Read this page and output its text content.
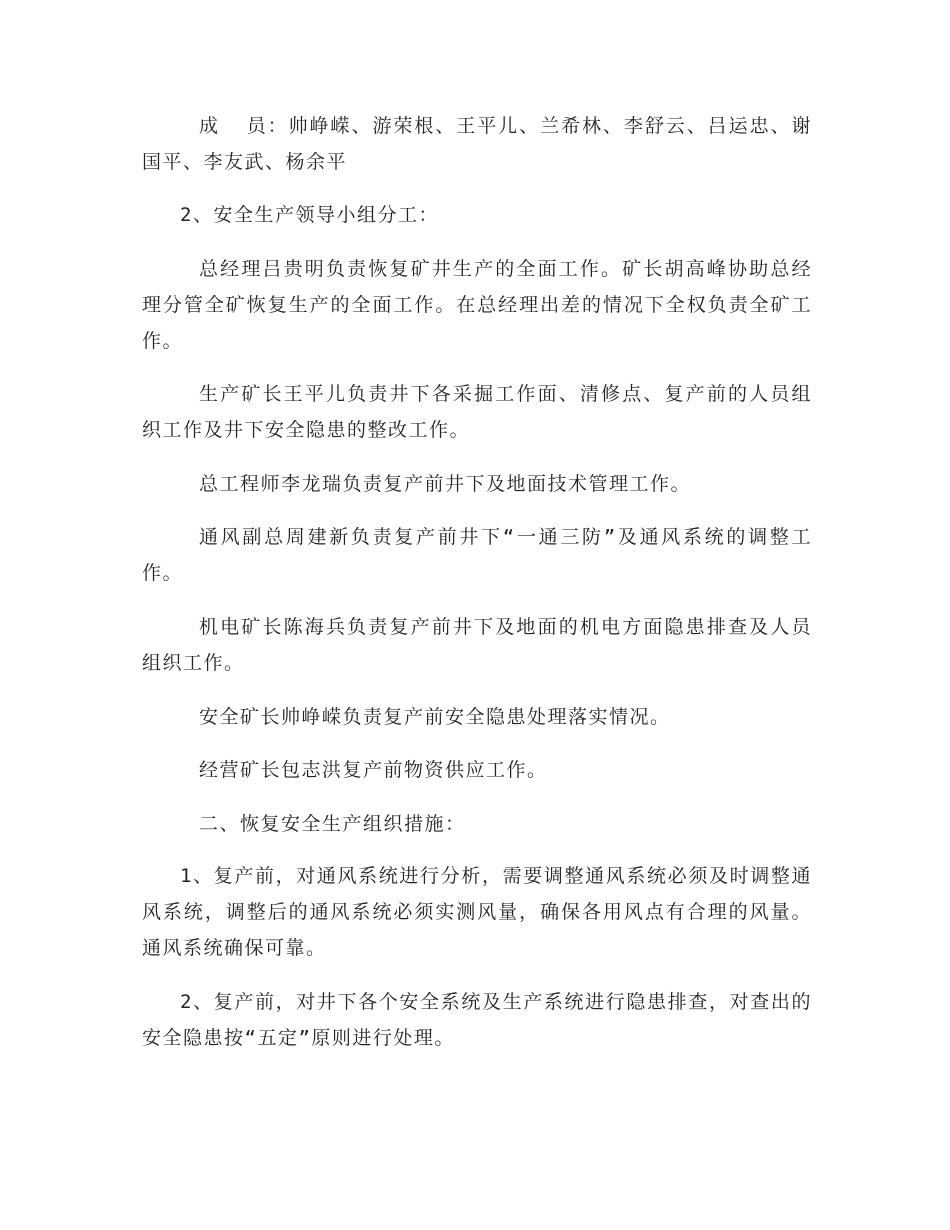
成  员：帅峥嵘、游荣根、王平儿、兰希林、李舒云、吕运忠、谢国平、李友武、杨余平

2、安全生产领导小组分工：

总经理吕贵明负责恢复矿井生产的全面工作。矿长胡高峰协助总经理分管全矿恢复生产的全面工作。在总经理出差的情况下全权负责全矿工作。

生产矿长王平儿负责井下各采掘工作面、清修点、复产前的人员组织工作及井下安全隐患的整改工作。

总工程师李龙瑞负责复产前井下及地面技术管理工作。

通风副总周建新负责复产前井下“一通三防”及通风系统的调整工作。

机电矿长陈海兵负责复产前井下及地面的机电方面隐患排查及人员组织工作。

安全矿长帅峥嵘负责复产前安全隐患处理落实情况。

经营矿长包志洪复产前物资供应工作。

二、恢复安全生产组织措施：

1、复产前，对通风系统进行分析，需要调整通风系统必须及时调整通风系统，调整后的通风系统必须实测风量，确保各用风点有合理的风量。通风系统确保可靠。

2、复产前，对井下各个安全系统及生产系统进行隐患排查，对查出的安全隐患按“五定”原则进行处理。
